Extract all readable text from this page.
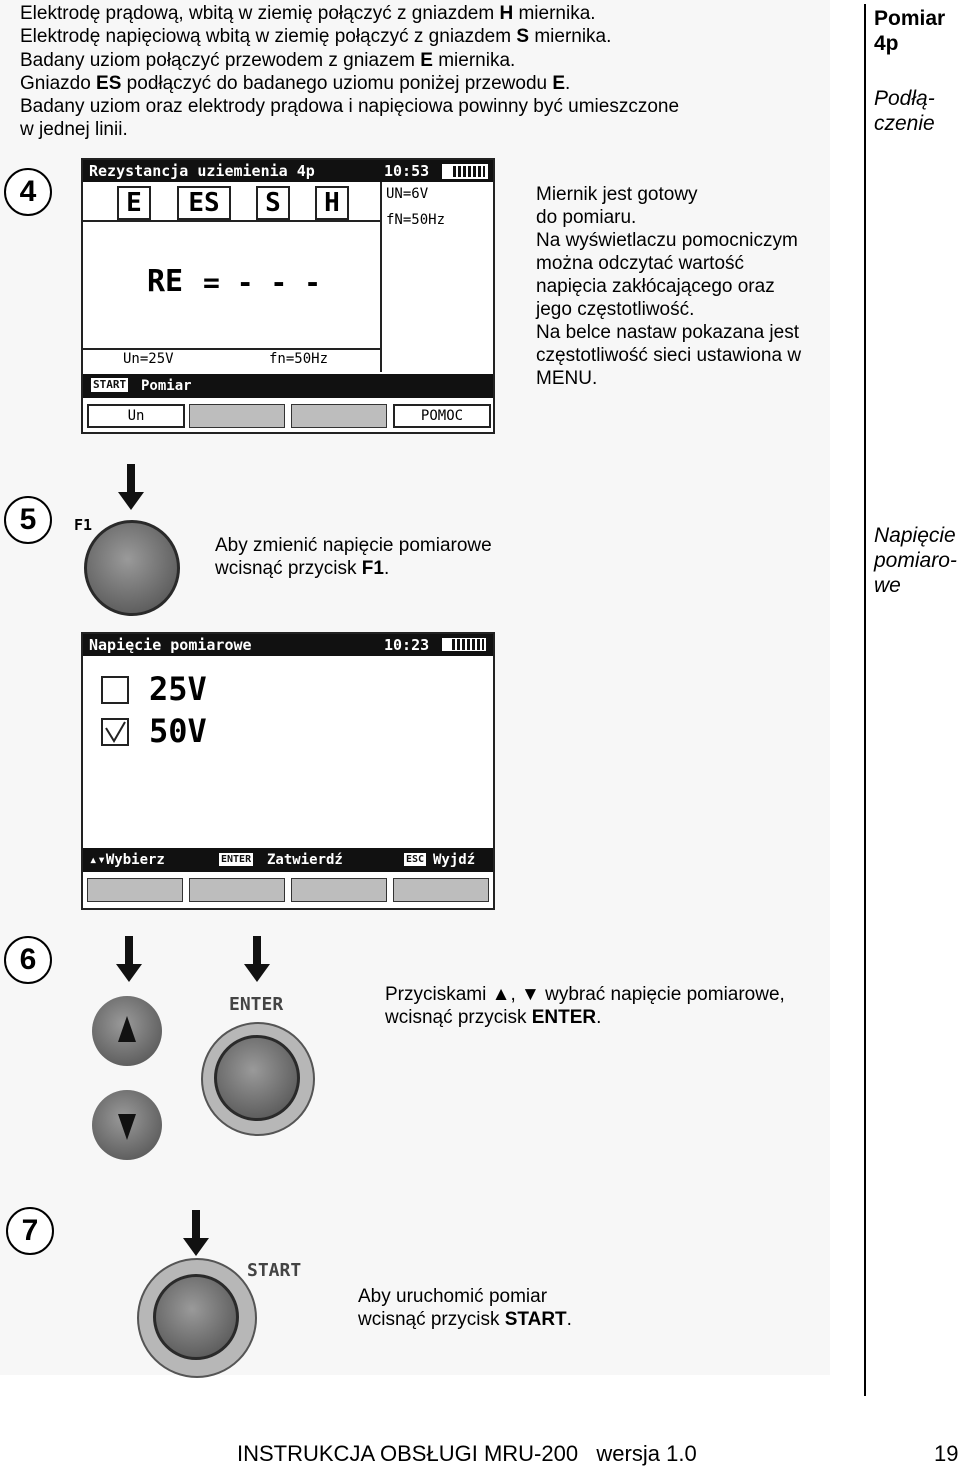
Elektrodę prądową, wbitą w ziemię połączyć z gniazdem H miernika.
Elektrodę napięciową wbitą w ziemię połączyć z gniazdem S miernika.
Badany uziom połączyć przewodem z gniazem E miernika.
Gniazdo ES podłączyć do badanego uziomu poniżej przewodu E.
Badany uziom oraz elektrody prądowa i napięciowa powinny być umieszczone
w jednej linii.
Pomiar
4p
Podłą-
czenie
Napięcie
pomiaro-
we
4
Rezystancja uziemienia 4p	10:53
E	ES	S	H	UN=6V
fN=50Hz
RE = - - -
Un=25V	fn=50Hz
START Pomiar
Un	POMOC
Miernik jest gotowy
do pomiaru.
Na wyświetlaczu pomocniczym
można odczytać wartość
napięcia zakłócającego oraz
jego częstotliwość.
Na belce nastaw pokazana jest
częstotliwość sieci ustawiona w
MENU.
5	F1
Aby zmienić napięcie pomiarowe
wcisnąć przycisk F1.
Napięcie pomiarowe	10:23
25V
50V
▴▾Wybierz	ENTER Zatwierdź	ESC Wyjdź
6
ENTER	Przyciskami ▲, ▼ wybrać napięcie pomiarowe,
wcisnąć przycisk ENTER.
7
START
Aby uruchomić pomiar
wcisnąć przycisk START.
INSTRUKCJA OBSŁUGI MRU-200   wersja 1.0	19
